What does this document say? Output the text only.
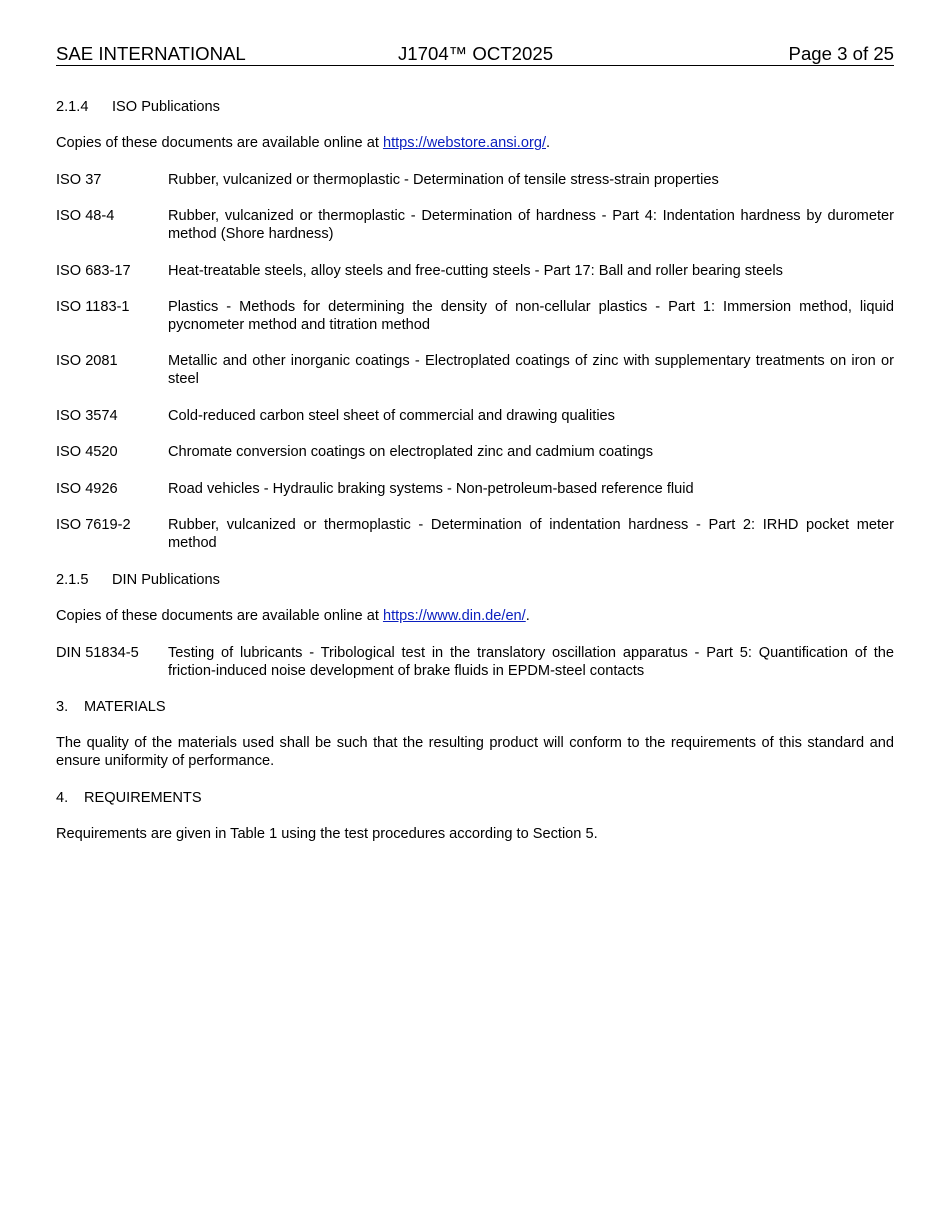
SAE INTERNATIONAL	J1704™ OCT2025	Page 3 of 25
2.1.4 ISO Publications
Copies of these documents are available online at https://webstore.ansi.org/.
ISO 37	Rubber, vulcanized or thermoplastic - Determination of tensile stress-strain properties
ISO 48-4	Rubber, vulcanized or thermoplastic - Determination of hardness - Part 4: Indentation hardness by durometer method (Shore hardness)
ISO 683-17	Heat-treatable steels, alloy steels and free-cutting steels - Part 17: Ball and roller bearing steels
ISO 1183-1	Plastics - Methods for determining the density of non-cellular plastics - Part 1: Immersion method, liquid pycnometer method and titration method
ISO 2081	Metallic and other inorganic coatings - Electroplated coatings of zinc with supplementary treatments on iron or steel
ISO 3574	Cold-reduced carbon steel sheet of commercial and drawing qualities
ISO 4520	Chromate conversion coatings on electroplated zinc and cadmium coatings
ISO 4926	Road vehicles - Hydraulic braking systems - Non-petroleum-based reference fluid
ISO 7619-2	Rubber, vulcanized or thermoplastic - Determination of indentation hardness - Part 2: IRHD pocket meter method
2.1.5 DIN Publications
Copies of these documents are available online at https://www.din.de/en/.
DIN 51834-5	Testing of lubricants - Tribological test in the translatory oscillation apparatus - Part 5: Quantification of the friction-induced noise development of brake fluids in EPDM-steel contacts
3. MATERIALS
The quality of the materials used shall be such that the resulting product will conform to the requirements of this standard and ensure uniformity of performance.
4. REQUIREMENTS
Requirements are given in Table 1 using the test procedures according to Section 5.
